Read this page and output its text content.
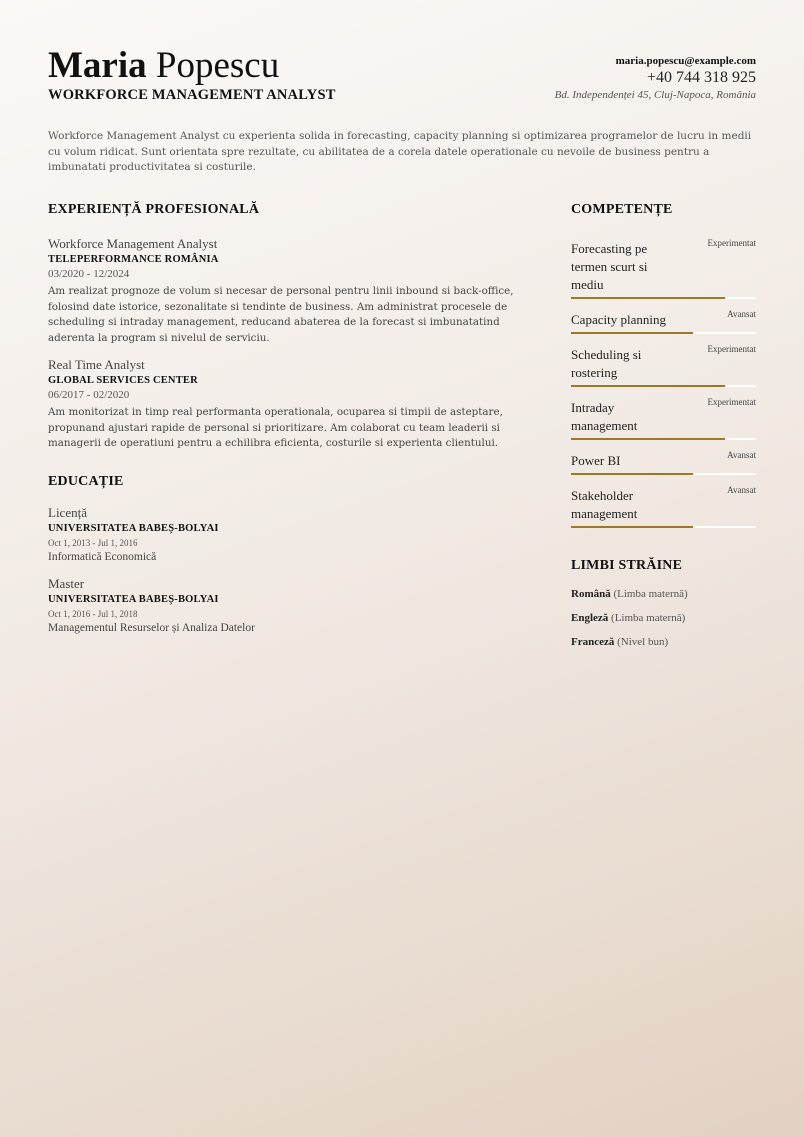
Maria Popescu
WORKFORCE MANAGEMENT ANALYST
maria.popescu@example.com
+40 744 318 925
Bd. Independenței 45, Cluj-Napoca, România
Workforce Management Analyst cu experienta solida in forecasting, capacity planning si optimizarea programelor de lucru in medii cu volum ridicat. Sunt orientata spre rezultate, cu abilitatea de a corela datele operationale cu nevoile de business pentru a imbunatati productivitatea si costurile.
EXPERIENȚĂ PROFESIONALĂ
Workforce Management Analyst
TELEPERFORMANCE ROMÂNIA
03/2020 - 12/2024
Am realizat prognoze de volum si necesar de personal pentru linii inbound si back-office, folosind date istorice, sezonalitate si tendinte de business. Am administrat procesele de scheduling si intraday management, reducand abaterea de la forecast si imbunatatind aderenta la program si nivelul de serviciu.
Real Time Analyst
GLOBAL SERVICES CENTER
06/2017 - 02/2020
Am monitorizat in timp real performanta operationala, ocuparea si timpii de asteptare, propunand ajustari rapide de personal si prioritizare. Am colaborat cu team leaderii si managerii de operatiuni pentru a echilibra eficienta, costurile si experienta clientului.
EDUCAȚIE
Licență
UNIVERSITATEA BABEȘ-BOLYAI
Oct 1, 2013 - Jul 1, 2016
Informatică Economică
Master
UNIVERSITATEA BABEȘ-BOLYAI
Oct 1, 2016 - Jul 1, 2018
Managementul Resurselor și Analiza Datelor
COMPETENȚE
Forecasting pe termen scurt si mediu
Experimentat
Capacity planning	Avansat
Scheduling si rostering
Experimentat
Intraday management
Experimentat
Power BI	Avansat
Stakeholder management
Avansat
LIMBI STRĂINE
Română (Limba maternă)
Engleză (Limba maternă)
Franceză (Nivel bun)
